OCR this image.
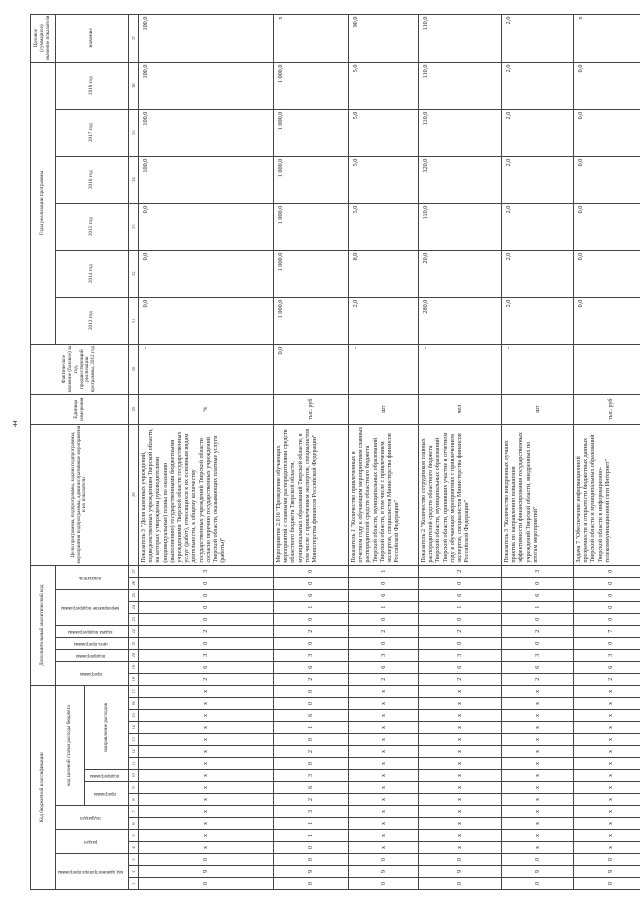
44
Код бюджетной классификации																	Дополнительный аналитический код										Цели программы, подпрограммы, задачи подпрограммы, мероприятия подпрограммы, административные мероприятия и их показатели	Единица измерения	Фактическое значение (базовое) за год, предшествующий реализации программы, 2012 год	Годы реализации программы						Целевое (суммарное) значение показателя
код администратора программы			раздел		подраздел		код целевой статьи расхода бюджета										программа		подпрограмма	цель программы	задача подпрограммы	мероприятие подпрограммы			показатель					2013 год	2014 год	2015 год	2016 год	2017 год	2018 год	значение
							программа		подпрограмма	направление расходов																										
1	2	3	4	5	6	7	8	9	10	11	12	13	14	15	16	17	18	19	20	21	22	23	24	25	26	27	28	29	30	31	32	33	34	35	36	37
0	9	0	х	х	х	х	х	х	х	х	х	х	х	х	х	х	2	6	3	0	2	0	0	0	0	3	Показатель 3 "Доля казенных учреждений, подведомственных учреждениям Тверской области, на которых утверждены руководителями (индивидуальные) планы по оказанию (выполнению) государственными бюджетными учреждениями Тверской области государственных услуг (работ), относящихся к их основным видам деятельности, к общему количеству государственных учреждений Тверской области согласно перечню государственных учреждений Тверской области, оказывающих платные услуги (работы)"	%	-	0,0	0,0	0,0	100,0	100,0	100,0	100,0
0	9	0	0	1	1	3	2	6	3	0	2	0	1	6	0	0	2	6	3	0	2	0	1	6	0	0	Мероприятие 2.016 "Проведение обучающих мероприятий с главными распорядителями средств областного бюджета Тверской области, муниципальных образований Тверской области, в том числе с привлечением экспертов, специалистов Министерства финансов Российской Федерации"	тыс. руб	0,0	1 000,0	1 000,0	1 000,0	1 000,0	1 000,0	1 000,0	х
0	9	0	х	х	х	х	х	х	х	х	х	х	х	х	х	х	2	6	3	0	2	0	1	6	0	1	Показатель 1 "Количество привлеченных в отчетном году к обучающим мероприятиям главных распорядителей средств областного бюджета Тверской области, муниципальных образований Тверской области, в том числе с привлечением экспертов, специалистов Министерства финансов Российской Федерации"	шт	-	2,0	8,0	5,0	5,0	5,0	5,0	90,0
0	9	0	х	х	х	х	х	х	х	х	х	х	х	х	х	х	2	6	3	0	2	0	1	6	0	2	Показатель 2 "Количество сотрудников главных распорядителей средств областного бюджета Тверской области, муниципальных образований Тверской области, принявших участие в отчетном году в обучающих мероприятиях с привлечением экспертов, специалистов Министерства финансов Российской Федерации"	чел	-	280,0	20,0	110,0	320,0	110,0	110,0	110,0
0	9	0	х	х	х	х	х	х	х	х	х	х	х	х	х	х	2	6	3	0	2	0	1	6	0	3	Показатель 3 "Количество внедренных лучших практик по направлению повышения эффективности финансирования государственных учреждений Тверской области, внедренных по итогам мероприятий"	шт	-	2,0	2,0	2,0	2,0	2,0	2,0	2,0
0	9	0	х	х	х	х	х	х	х	х	х	х	х	х	х	х	2	6	3	0	7	0	0	0	0	0	Задача 7 "Обеспечение информационной прозрачности и открытости бюджетных данных Тверской области и муниципальных образований Тверской области в информационно-телекоммуникационной сети Интернет"	тыс. руб		0,0	0,0	0,0	0,0	0,0	0,0	х
